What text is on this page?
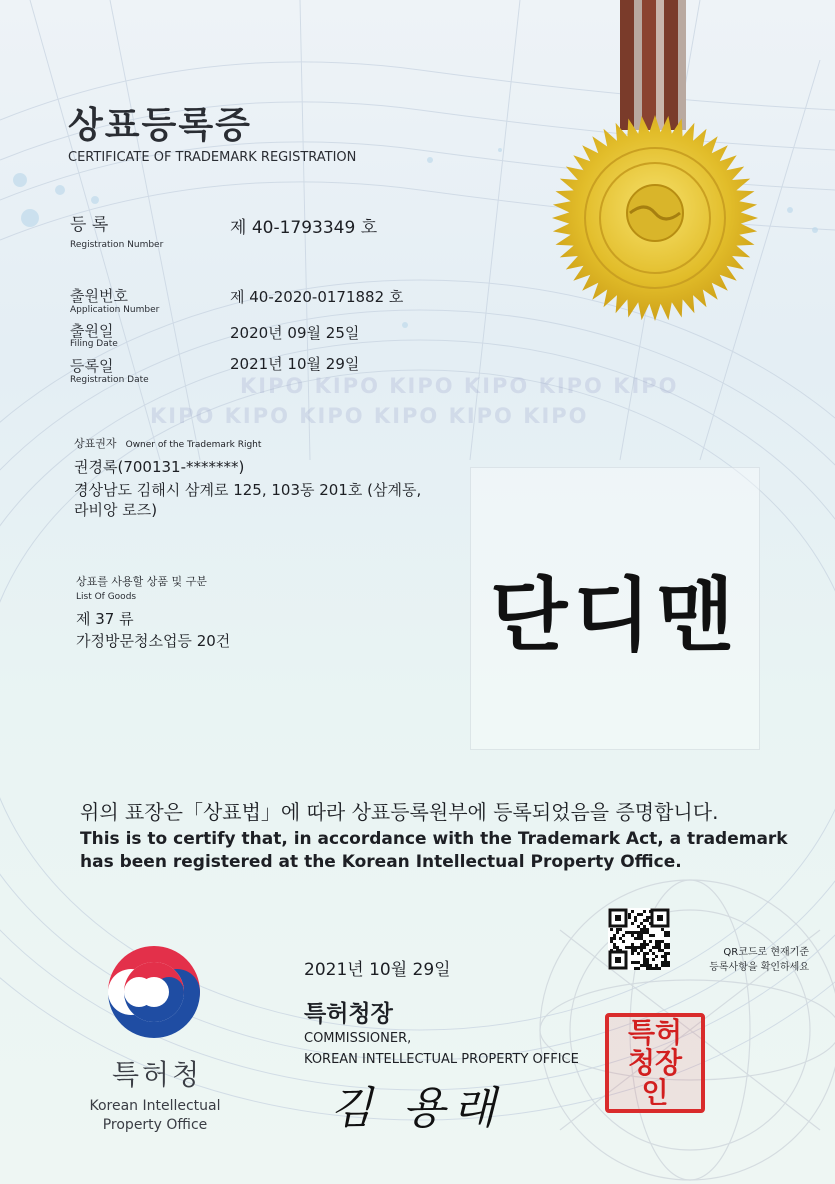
상표등록증
CERTIFICATE OF TRADEMARK REGISTRATION
등 록
Registration Number
제 40-1793349 호
출원번호
Application Number
제 40-2020-0171882 호
출원일
Filing Date
2020년 09월 25일
등록일
Registration Date
2021년 10월 29일
KIPO KIPO KIPO KIPO KIPO KIPO
KIPO KIPO KIPO KIPO KIPO KIPO
상표권자 Owner of the Trademark Right
권경록(700131-*******)
경상남도 김해시 삼계로 125, 103동 201호 (삼계동,
라비앙 로즈)
상표를 사용할 상품 및 구분
List Of Goods
제 37 류
가정방문청소업등 20건	단디맨
위의 표장은「상표법」에 따라 상표등록원부에 등록되었음을 증명합니다.
This is to certify that, in accordance with the Trademark Act, a trademark
has been registered at the Korean Intellectual Property Office.
QR코드로 현재기준
등록사항을 확인하세요
2021년 10월 29일
특허청장
COMMISSIONER,
KOREAN INTELLECTUAL PROPERTY OFFICE
김 용래
특허청장인
특허청
Korean Intellectual
Property Office
